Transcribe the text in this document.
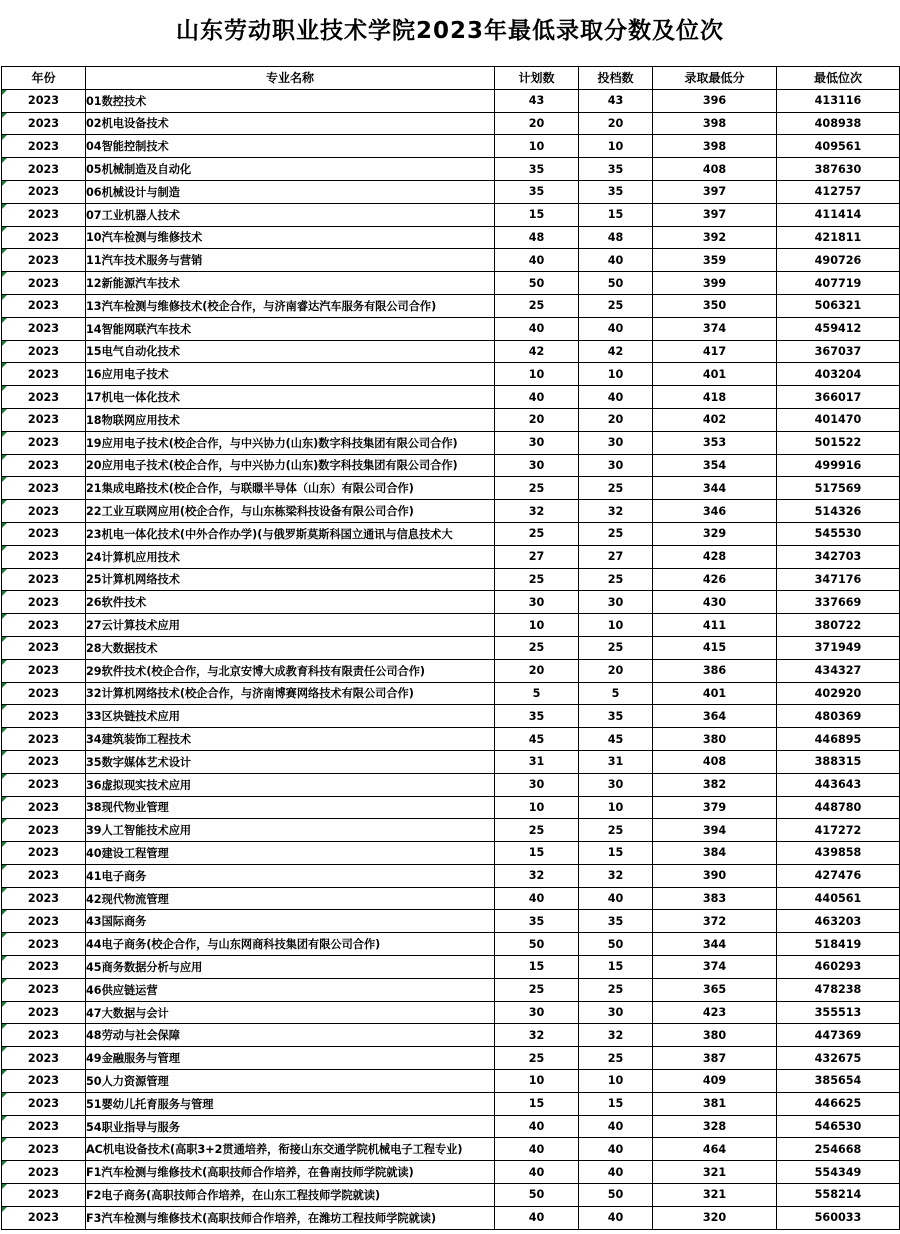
山东劳动职业技术学院2023年最低录取分数及位次
年份	专业名称	计划数	投档数	录取最低分	最低位次
2023	01数控技术	43	43	396	413116
2023	02机电设备技术	20	20	398	408938
2023	04智能控制技术	10	10	398	409561
2023	05机械制造及自动化	35	35	408	387630
2023	06机械设计与制造	35	35	397	412757
2023	07工业机器人技术	15	15	397	411414
2023	10汽车检测与维修技术	48	48	392	421811
2023	11汽车技术服务与营销	40	40	359	490726
2023	12新能源汽车技术	50	50	399	407719
2023	13汽车检测与维修技术(校企合作，与济南睿达汽车服务有限公司合作)	25	25	350	506321
2023	14智能网联汽车技术	40	40	374	459412
2023	15电气自动化技术	42	42	417	367037
2023	16应用电子技术	10	10	401	403204
2023	17机电一体化技术	40	40	418	366017
2023	18物联网应用技术	20	20	402	401470
2023	19应用电子技术(校企合作，与中兴协力(山东)数字科技集团有限公司合作)	30	30	353	501522
2023	20应用电子技术(校企合作，与中兴协力(山东)数字科技集团有限公司合作)	30	30	354	499916
2023	21集成电路技术(校企合作，与联暻半导体（山东）有限公司合作)	25	25	344	517569
2023	22工业互联网应用(校企合作，与山东栋梁科技设备有限公司合作)	32	32	346	514326
2023	23机电一体化技术(中外合作办学)(与俄罗斯莫斯科国立通讯与信息技术大	25	25	329	545530
2023	24计算机应用技术	27	27	428	342703
2023	25计算机网络技术	25	25	426	347176
2023	26软件技术	30	30	430	337669
2023	27云计算技术应用	10	10	411	380722
2023	28大数据技术	25	25	415	371949
2023	29软件技术(校企合作，与北京安博大成教育科技有限责任公司合作)	20	20	386	434327
2023	32计算机网络技术(校企合作，与济南博赛网络技术有限公司合作)	5	5	401	402920
2023	33区块链技术应用	35	35	364	480369
2023	34建筑装饰工程技术	45	45	380	446895
2023	35数字媒体艺术设计	31	31	408	388315
2023	36虚拟现实技术应用	30	30	382	443643
2023	38现代物业管理	10	10	379	448780
2023	39人工智能技术应用	25	25	394	417272
2023	40建设工程管理	15	15	384	439858
2023	41电子商务	32	32	390	427476
2023	42现代物流管理	40	40	383	440561
2023	43国际商务	35	35	372	463203
2023	44电子商务(校企合作，与山东网商科技集团有限公司合作)	50	50	344	518419
2023	45商务数据分析与应用	15	15	374	460293
2023	46供应链运营	25	25	365	478238
2023	47大数据与会计	30	30	423	355513
2023	48劳动与社会保障	32	32	380	447369
2023	49金融服务与管理	25	25	387	432675
2023	50人力资源管理	10	10	409	385654
2023	51婴幼儿托育服务与管理	15	15	381	446625
2023	54职业指导与服务	40	40	328	546530
2023	AC机电设备技术(高职3+2贯通培养，衔接山东交通学院机械电子工程专业)	40	40	464	254668
2023	F1汽车检测与维修技术(高职技师合作培养，在鲁南技师学院就读)	40	40	321	554349
2023	F2电子商务(高职技师合作培养，在山东工程技师学院就读)	50	50	321	558214
2023	F3汽车检测与维修技术(高职技师合作培养，在潍坊工程技师学院就读)	40	40	320	560033
